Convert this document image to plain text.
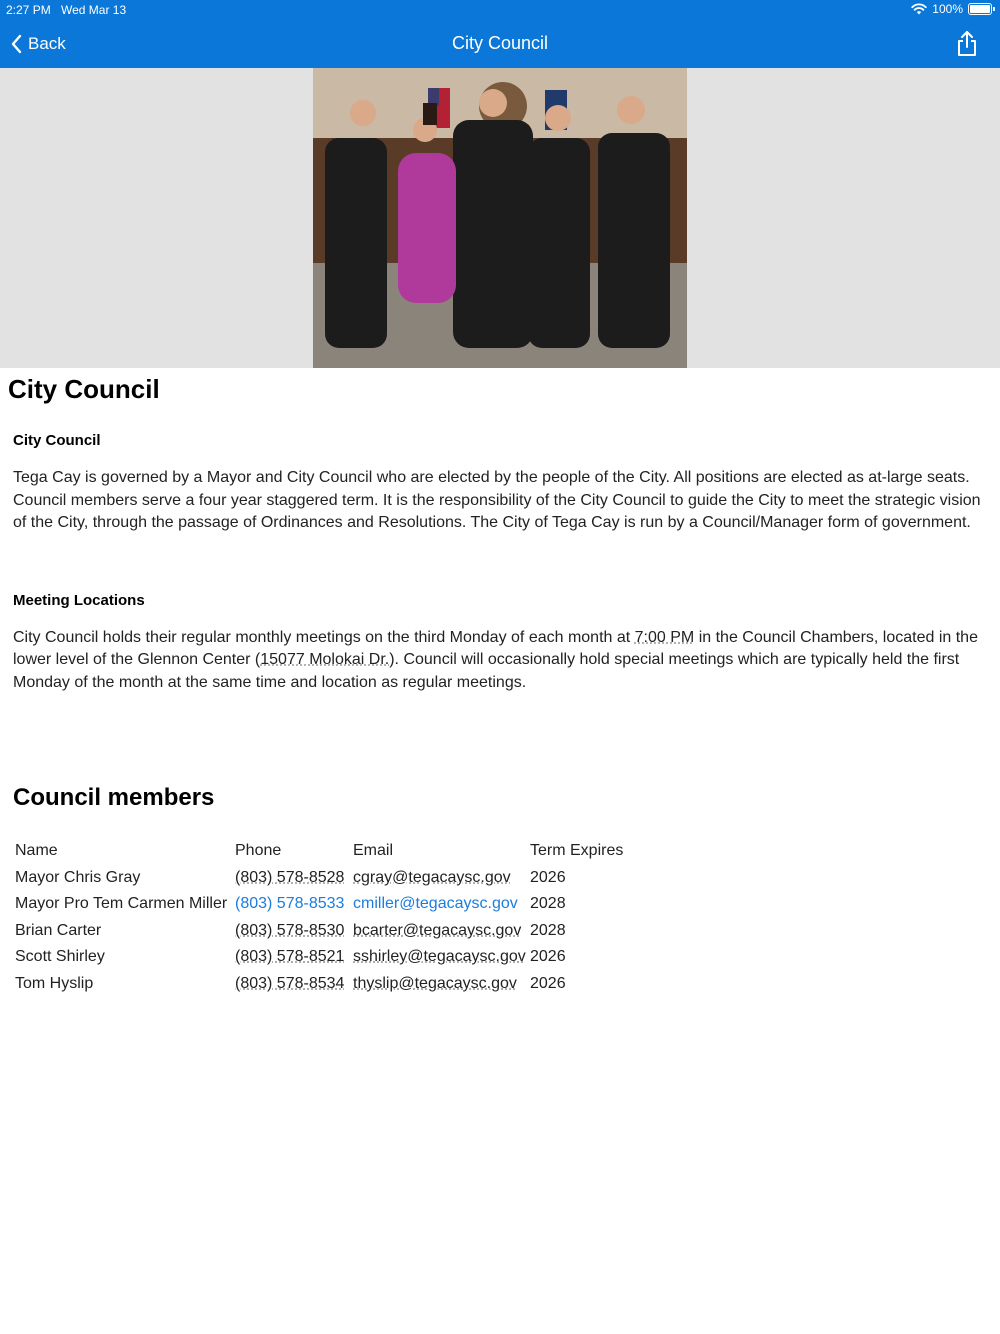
2:27 PM Wed Mar 13	100%
Back	City Council
City Council
City Council

Tega Cay is governed by a Mayor and City Council who are elected by the people of the City. All positions are elected as at-large seats. Council members serve a four year staggered term. It is the responsibility of the City Council to guide the City to meet the strategic vision of the City, through the passage of Ordinances and Resolutions. The City of Tega Cay is run by a Council/Manager form of government.

Meeting Locations

City Council holds their regular monthly meetings on the third Monday of each month at 7:00 PM in the Council Chambers, located in the lower level of the Glennon Center (15077 Molokai Dr.). Council will occasionally hold special meetings which are typically held the first Monday of the month at the same time and location as regular meetings.

Council members
Name	Phone	Email	Term Expires
Mayor Chris Gray	(803) 578-8528	cgray@tegacaysc.gov	2026
Mayor Pro Tem Carmen Miller	(803) 578-8533	cmiller@tegacaysc.gov	2028
Brian Carter	(803) 578-8530	bcarter@tegacaysc.gov	2028
Scott Shirley	(803) 578-8521	sshirley@tegacaysc.gov	2026
Tom Hyslip	(803) 578-8534	thyslip@tegacaysc.gov	2026
